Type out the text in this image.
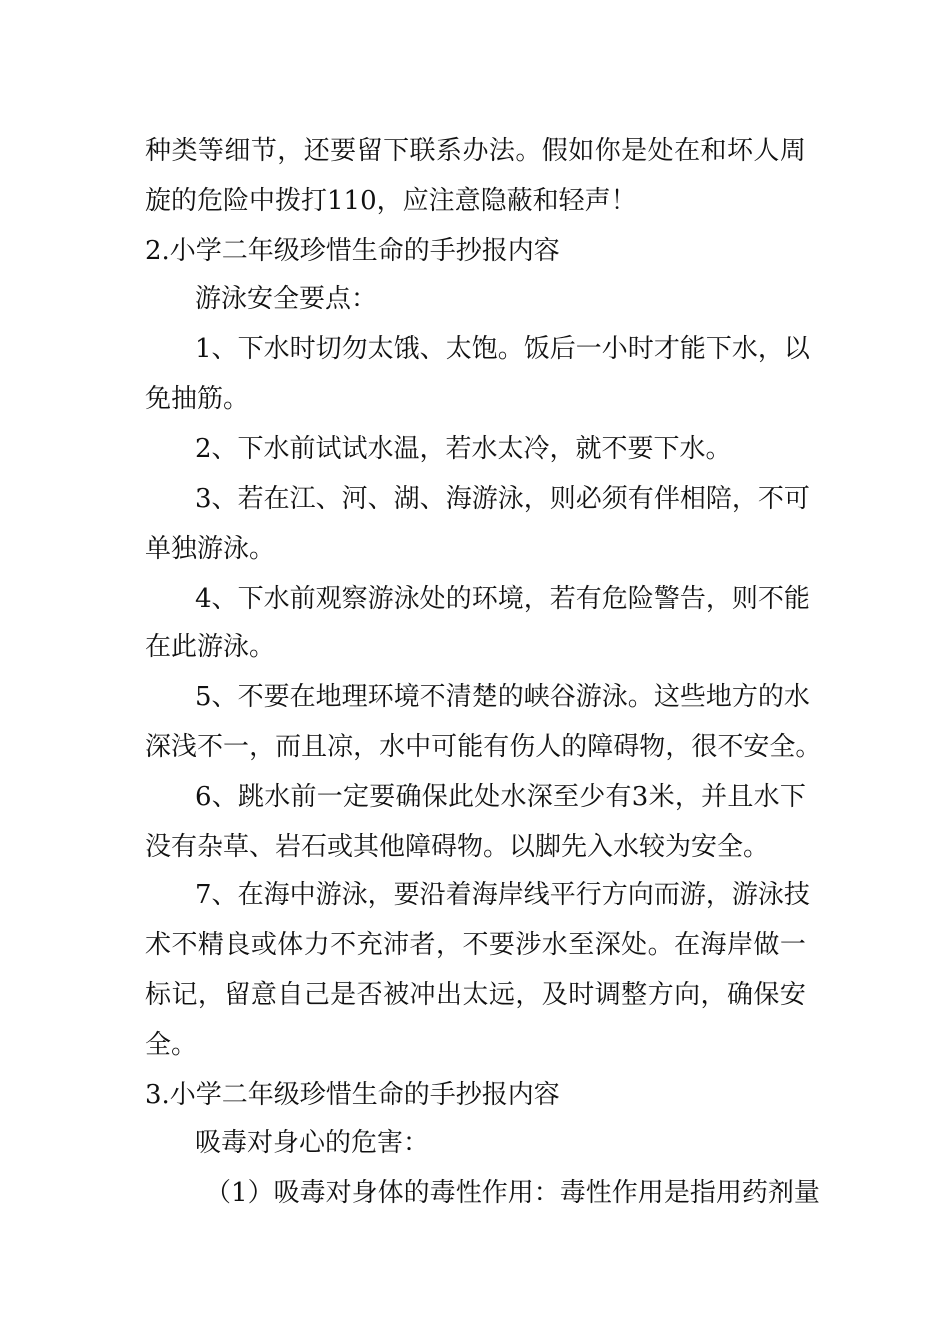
种 类 等 细 节 ， 还 要 留 下 联 系 办 法 。 假 如 你 是 处 在 和 坏 人 周
旋的危险中拨打110，应注意隐蔽和轻声！
2.小学二年级珍惜生命的手抄报内容
游泳安全要点：
1 、 下 水 时 切 勿 太 饿 、 太 饱 。 饭 后 一 小 时 才 能 下 水 ， 以
免抽筋。
2、下水前试试水温，若水太冷，就不要下水。
3 、 若 在 江 、 河 、 湖 、 海 游 泳 ， 则 必 须 有 伴 相 陪 ， 不 可
单独游泳。
4 、 下 水 前 观 察 游 泳 处 的 环 境 ， 若 有 危 险 警 告 ， 则 不 能
在此游泳。
5 、 不 要 在 地 理 环 境 不 清 楚 的 峡 谷 游 泳 。 这 些 地 方 的 水
深 浅 不 一 ， 而 且 凉 ， 水 中 可 能 有 伤 人 的 障 碍 物 ， 很 不 安 全 。
6 、 跳 水 前 一 定 要 确 保 此 处 水 深 至 少 有 3 米 ， 并 且 水 下
没有杂草、岩石或其他障碍物。以脚先入水较为安全。
7 、 在 海 中 游 泳 ， 要 沿 着 海 岸 线 平 行 方 向 而 游 ， 游 泳 技
术 不 精 良 或 体 力 不 充 沛 者 ， 不 要 涉 水 至 深 处 。 在 海 岸 做 一
标 记 ， 留 意 自 己 是 否 被 冲 出 太 远 ， 及 时 调 整 方 向 ， 确 保 安
全。
3.小学二年级珍惜生命的手抄报内容
吸毒对身心的危害：
（ 1 ） 吸 毒 对 身 体 的 毒 性 作 用 ： 毒 性 作 用 是 指 用 药 剂 量
